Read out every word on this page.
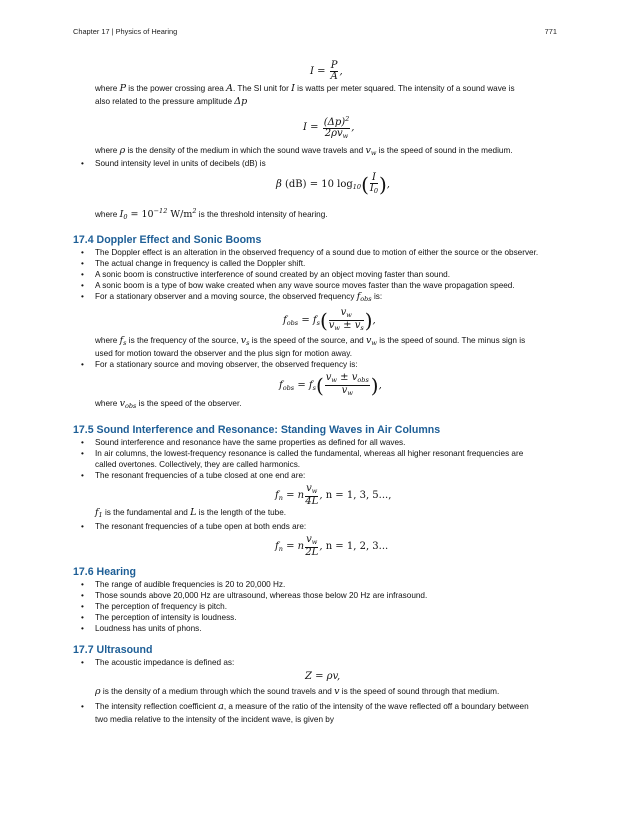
Chapter 17 | Physics of Hearing	771
$I = \frac{P}{A}$ ,
where P is the power crossing area A. The SI unit for I is watts per meter squared. The intensity of a sound wave is
also related to the pressure amplitude Δp
$I = \frac{(\Delta p)^2}{2\rho v_w}$ ,
where ρ is the density of the medium in which the sound wave travels and $v_w$ is the speed of sound in the medium.
• Sound intensity level in units of decibels (dB) is
β (dB) = 10 $\log_{10}( \frac{I}{I_0}$ ),
where $I_0 = 10^{-12}$ $W/m^2$ is the threshold intensity of hearing.
17.4 Doppler Effect and Sonic Booms
• The Doppler effect is an alteration in the observed frequency of a sound due to motion of either the source or the observer.
• The actual change in frequency is called the Doppler shift.
• A sonic boom is constructive interference of sound created by an object moving faster than sound.
• A sonic boom is a type of bow wake created when any wave source moves faster than the wave propagation speed.
• For a stationary observer and a moving source, the observed frequency $f_{obs}$ is:
$f_{obs} = f_s( \frac{v_w}{v_w \pm v_s}$ ),
where $f_s$ is the frequency of the source, $v_s$ is the speed of the source, and $v_w$ is the speed of sound. The minus sign is
used for motion toward the observer and the plus sign for motion away.
• For a stationary source and moving observer, the observed frequency is:
$f_{obs} = f_s( \frac{v_w \pm v_{obs}}{v_w}$ ),
where $v_{obs}$ is the speed of the observer.
17.5 Sound Interference and Resonance: Standing Waves in Air Columns
• Sound interference and resonance have the same properties as defined for all waves.
• In air columns, the lowest-frequency resonance is called the fundamental, whereas all higher resonant frequencies are
called overtones. Collectively, they are called harmonics.
• The resonant frequencies of a tube closed at one end are:
$f_n = n \frac{v_w}{4L}$ , n = 1, 3, 5...,
$f_1$ is the fundamental and L is the length of the tube.
• The resonant frequencies of a tube open at both ends are:
$f_n = n \frac{v_w}{2L}$ , n = 1, 2, 3...
17.6 Hearing
• The range of audible frequencies is 20 to 20,000 Hz.
• Those sounds above 20,000 Hz are ultrasound, whereas those below 20 Hz are infrasound.
• The perception of frequency is pitch.
• The perception of intensity is loudness.
• Loudness has units of phons.
17.7 Ultrasound
• The acoustic impedance is defined as:
Z = ρv,
ρ is the density of a medium through which the sound travels and v is the speed of sound through that medium.
• The intensity reflection coefficient a, a measure of the ratio of the intensity of the wave reflected off a boundary between
two media relative to the intensity of the incident wave, is given by
